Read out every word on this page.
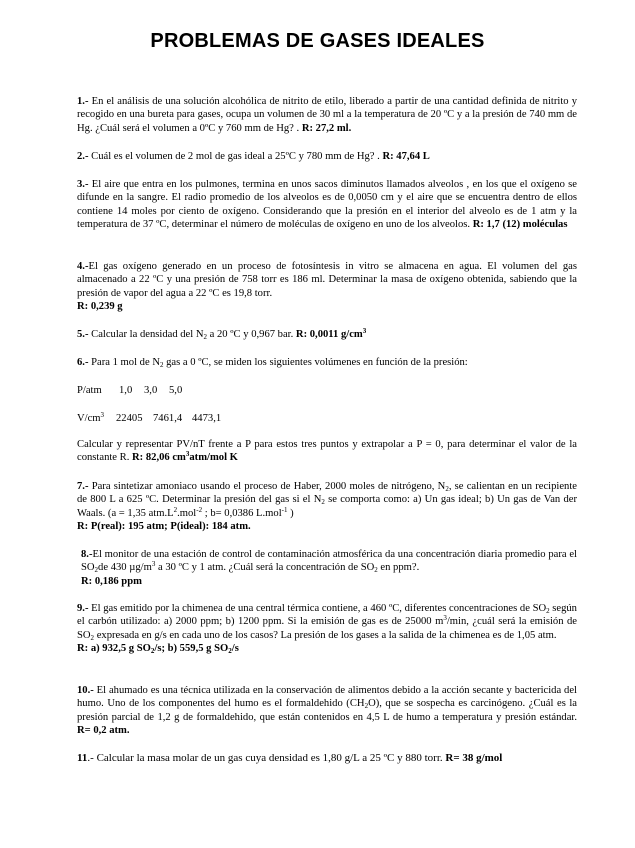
PROBLEMAS DE GASES IDEALES

1.- En el análisis de una solución alcohólica de nitrito de etilo, liberado a partir de una cantidad definida de nitrito y recogido en una bureta para gases, ocupa un volumen de 30 ml a la temperatura de 20 ºC y a la presión de 740 mm de Hg. ¿Cuál será el volumen a 0ºC y 760 mm de Hg? . R: 27,2 ml.

2.- Cuál es el volumen de 2 mol de gas ideal a 25ºC y 780 mm de Hg? . R: 47,64 L

3.- El aire que entra en los pulmones, termina en unos sacos diminutos llamados alveolos , en los que el oxígeno se difunde en la sangre. El radio promedio de los alveolos es de 0,0050 cm y el aire que se encuentra dentro de ellos contiene 14 moles por ciento de oxígeno. Considerando que la presión en el interior del alveolo es de 1 atm y la temperatura de 37 ºC, determinar el número de moléculas de oxígeno en uno de los alveolos. R: 1,7 (12) moléculas

4.-El gas oxígeno generado en un proceso de fotosíntesis in vitro se almacena en agua. El volumen del gas almacenado a 22 ºC y una presión de 758 torr es 186 ml. Determinar la masa de oxígeno obtenida, sabiendo que la presión de vapor del agua a 22 ºC es 19,8 torr.
R: 0,239 g

5.- Calcular la densidad del $N_2$ a 20 ºC y 0,967 bar. R: 0,0011 $g/cm^3$

6.- Para 1 mol de $N_2$ gas a 0 ºC, se miden los siguientes volúmenes en función de la presión:

P/atm 1,0 3,0 5,0
$V/cm^3$ 22405 7461,4 4473,1

Calcular y representar PV/nT frente a P para estos tres puntos y extrapolar a P = 0, para determinar el valor de la constante R. R: 82,06 $cm^3atm$/mol K

7.- Para sintetizar amoniaco usando el proceso de Haber, 2000 moles de nitrógeno, $N_2$, se calientan en un recipiente de 800 L a 625 ºC. Determinar la presión del gas si el $N_2$ se comporta como: a) Un gas ideal; b) Un gas de Van der Waals. (a = 1,35 $atm.L^2.mol^{-2}$ ; b= 0,0386 L.mol$^{-1}$ )
R: P(real): 195 atm; P(ideal): 184 atm.

8.-El monitor de una estación de control de contaminación atmosférica da una concentración diaria promedio para el $SO_2de$ 430 $\mu g/m^3$ a 30 ºC y 1 atm. ¿Cuál será la concentración de $SO_2$ en ppm?.
R: 0,186 ppm

9.- El gas emitido por la chimenea de una central térmica contiene, a 460 ºC, diferentes concentraciones de $SO_2$ según el carbón utilizado: a) 2000 ppm; b) 1200 ppm. Si la emisión de gas es de 25000 $m^3/\min$, ¿cuál será la emisión de $SO_2$ expresada en g/s en cada uno de los casos? La presión de los gases a la salida de la chimenea es de 1,05 atm.
R: a) 932,5 g $SO_2/s$; b) 559,5 g $SO_2/s$

10.- El ahumado es una técnica utilizada en la conservación de alimentos debido a la acción secante y bactericida del humo. Uno de los componentes del humo es el formaldehido $(CH_2O)$, que se sospecha es carcinógeno. ¿Cuál es la presión parcial de 1,2 g de formaldehido, que están contenidos en 4,5 L de humo a temperatura y presión estándar. R= 0,2 atm.

11.- Calcular la masa molar de un gas cuya densidad es 1,80 g/L a 25 ºC y 880 torr. R= 38 g/mol
